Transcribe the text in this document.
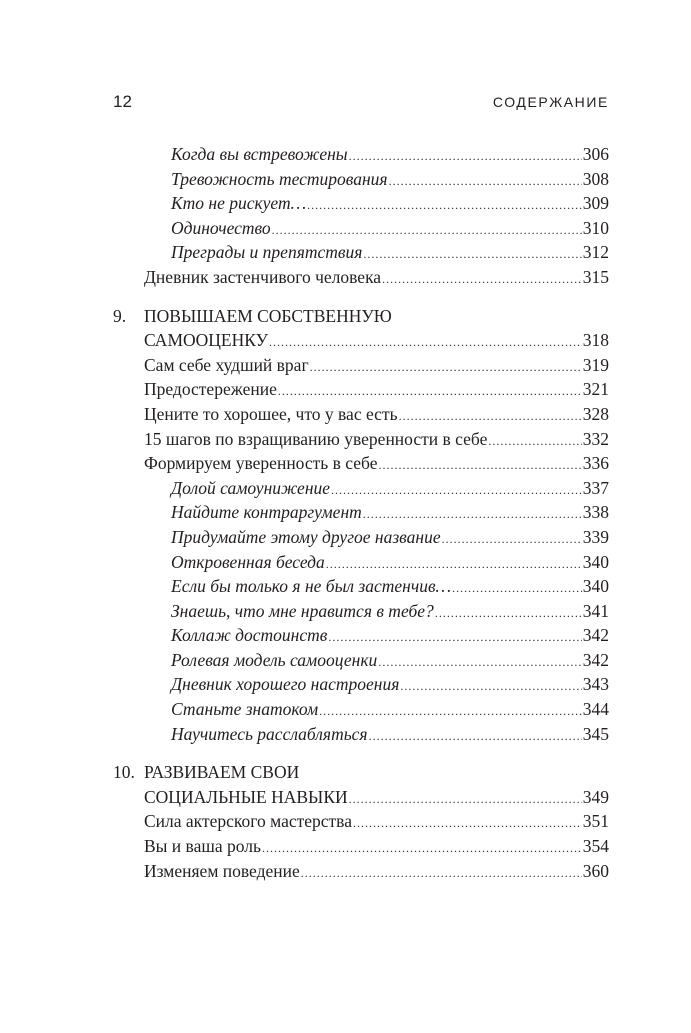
12	СОДЕРЖАНИЕ
Когда вы встревожены .....	306
Тревожность тестирования .....	308
Кто не рискует… .....	309
Одиночество .....	310
Преграды и препятствия .....	312
Дневник застенчивого человека .....	315
9.	ПОВЫШАЕМ СОБСТВЕННУЮ
САМООЦЕНКУ .....	318
Сам себе худший враг .....	319
Предостережение .....	321
Цените то хорошее, что у вас есть .....	328
15 шагов по взращиванию уверенности в себе .....	332
Формируем уверенность в себе .....	336
Долой самоунижение .....	337
Найдите контраргумент .....	338
Придумайте этому другое название .....	339
Откровенная беседа .....	340
Если бы только я не был застенчив… .....	340
Знаешь, что мне нравится в тебе? .....	341
Коллаж достоинств .....	342
Ролевая модель самооценки .....	342
Дневник хорошего настроения .....	343
Станьте знатоком .....	344
Научитесь расслабляться .....	345
10. РАЗВИВАЕМ СВОИ
СОЦИАЛЬНЫЕ НАВЫКИ .....	349
Сила актерского мастерства .....	351
Вы и ваша роль .....	354
Изменяем поведение .....	360
